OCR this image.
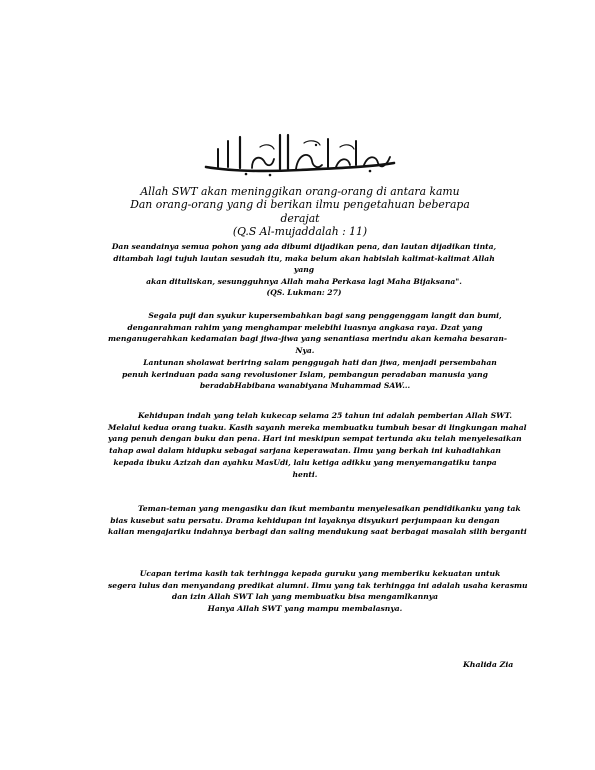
Allah SWT akan meninggikan orang-orang di antara kamu
Dan orang-orang yang di berikan ilmu pengetahuan beberapa derajat
(Q.S Al-mujaddalah : 11)
Dan seandainya semua pohon yang ada dibumi dijadikan pena, dan lautan dijadikan tinta,
ditambah lagi tujuh lautan sesudah itu, maka belum akan habislah kalimat-kalimat Allah yang
akan dituliskan, sesungguhnya Allah maha Perkasa lagi Maha Bijaksana".
(QS. Lukman: 27)
Segala puji dan syukur kupersembahkan bagi sang penggenggam langit dan bumi,
denganrahman rahim yang menghampar melebihi luasnya angkasa raya. Dzat yang
menganugerahkan kedamaian bagi jiwa-jiwa yang senantiasa merindu akan kemaha besaran-
Nya.
Lantunan sholawat beriring salam penggugah hati dan jiwa, menjadi persembahan
penuh kerinduan pada sang revolusioner Islam, pembangun peradaban manusia yang
beradabHabibana wanabiyana Muhammad SAW...
Kehidupan indah yang telah kukecap selama 25 tahun ini adalah pemberian Allah SWT.
Melalui kedua orang tuaku. Kasih sayanh mereka membuatku tumbuh besar di lingkungan mahal
yang penuh dengan buku dan pena. Hari ini meskipun sempat tertunda aku telah menyelesaikan
tahap awal dalam hidupku sebagai sarjana keperawatan. Ilmu yang berkah ini kuhadiahkan
kepada ibuku Azizah dan ayahku MasUdi, lalu ketiga adikku yang menyemangatiku tanpa
henti.
Teman-teman yang mengasiku dan ikut membantu menyelesaikan pendidikanku yang tak
bias kusebut satu persatu. Drama kehidupan ini layaknya disyukuri perjumpaan ku dengan
kalian mengajariku indahnya berbagi dan saling mendukung saat berbagai masalah silih berganti
Ucapan terima kasih tak terhingga kepada guruku yang memberiku kekuatan untuk
segera lulus dan menyandang predikat alumni. Ilmu yang tak terhingga ini adalah usaha kerasmu
dan izin Allah SWT lah yang membuatku bisa mengamlkannya
Hanya Allah SWT yang mampu membalasnya.
Khalida Zia
